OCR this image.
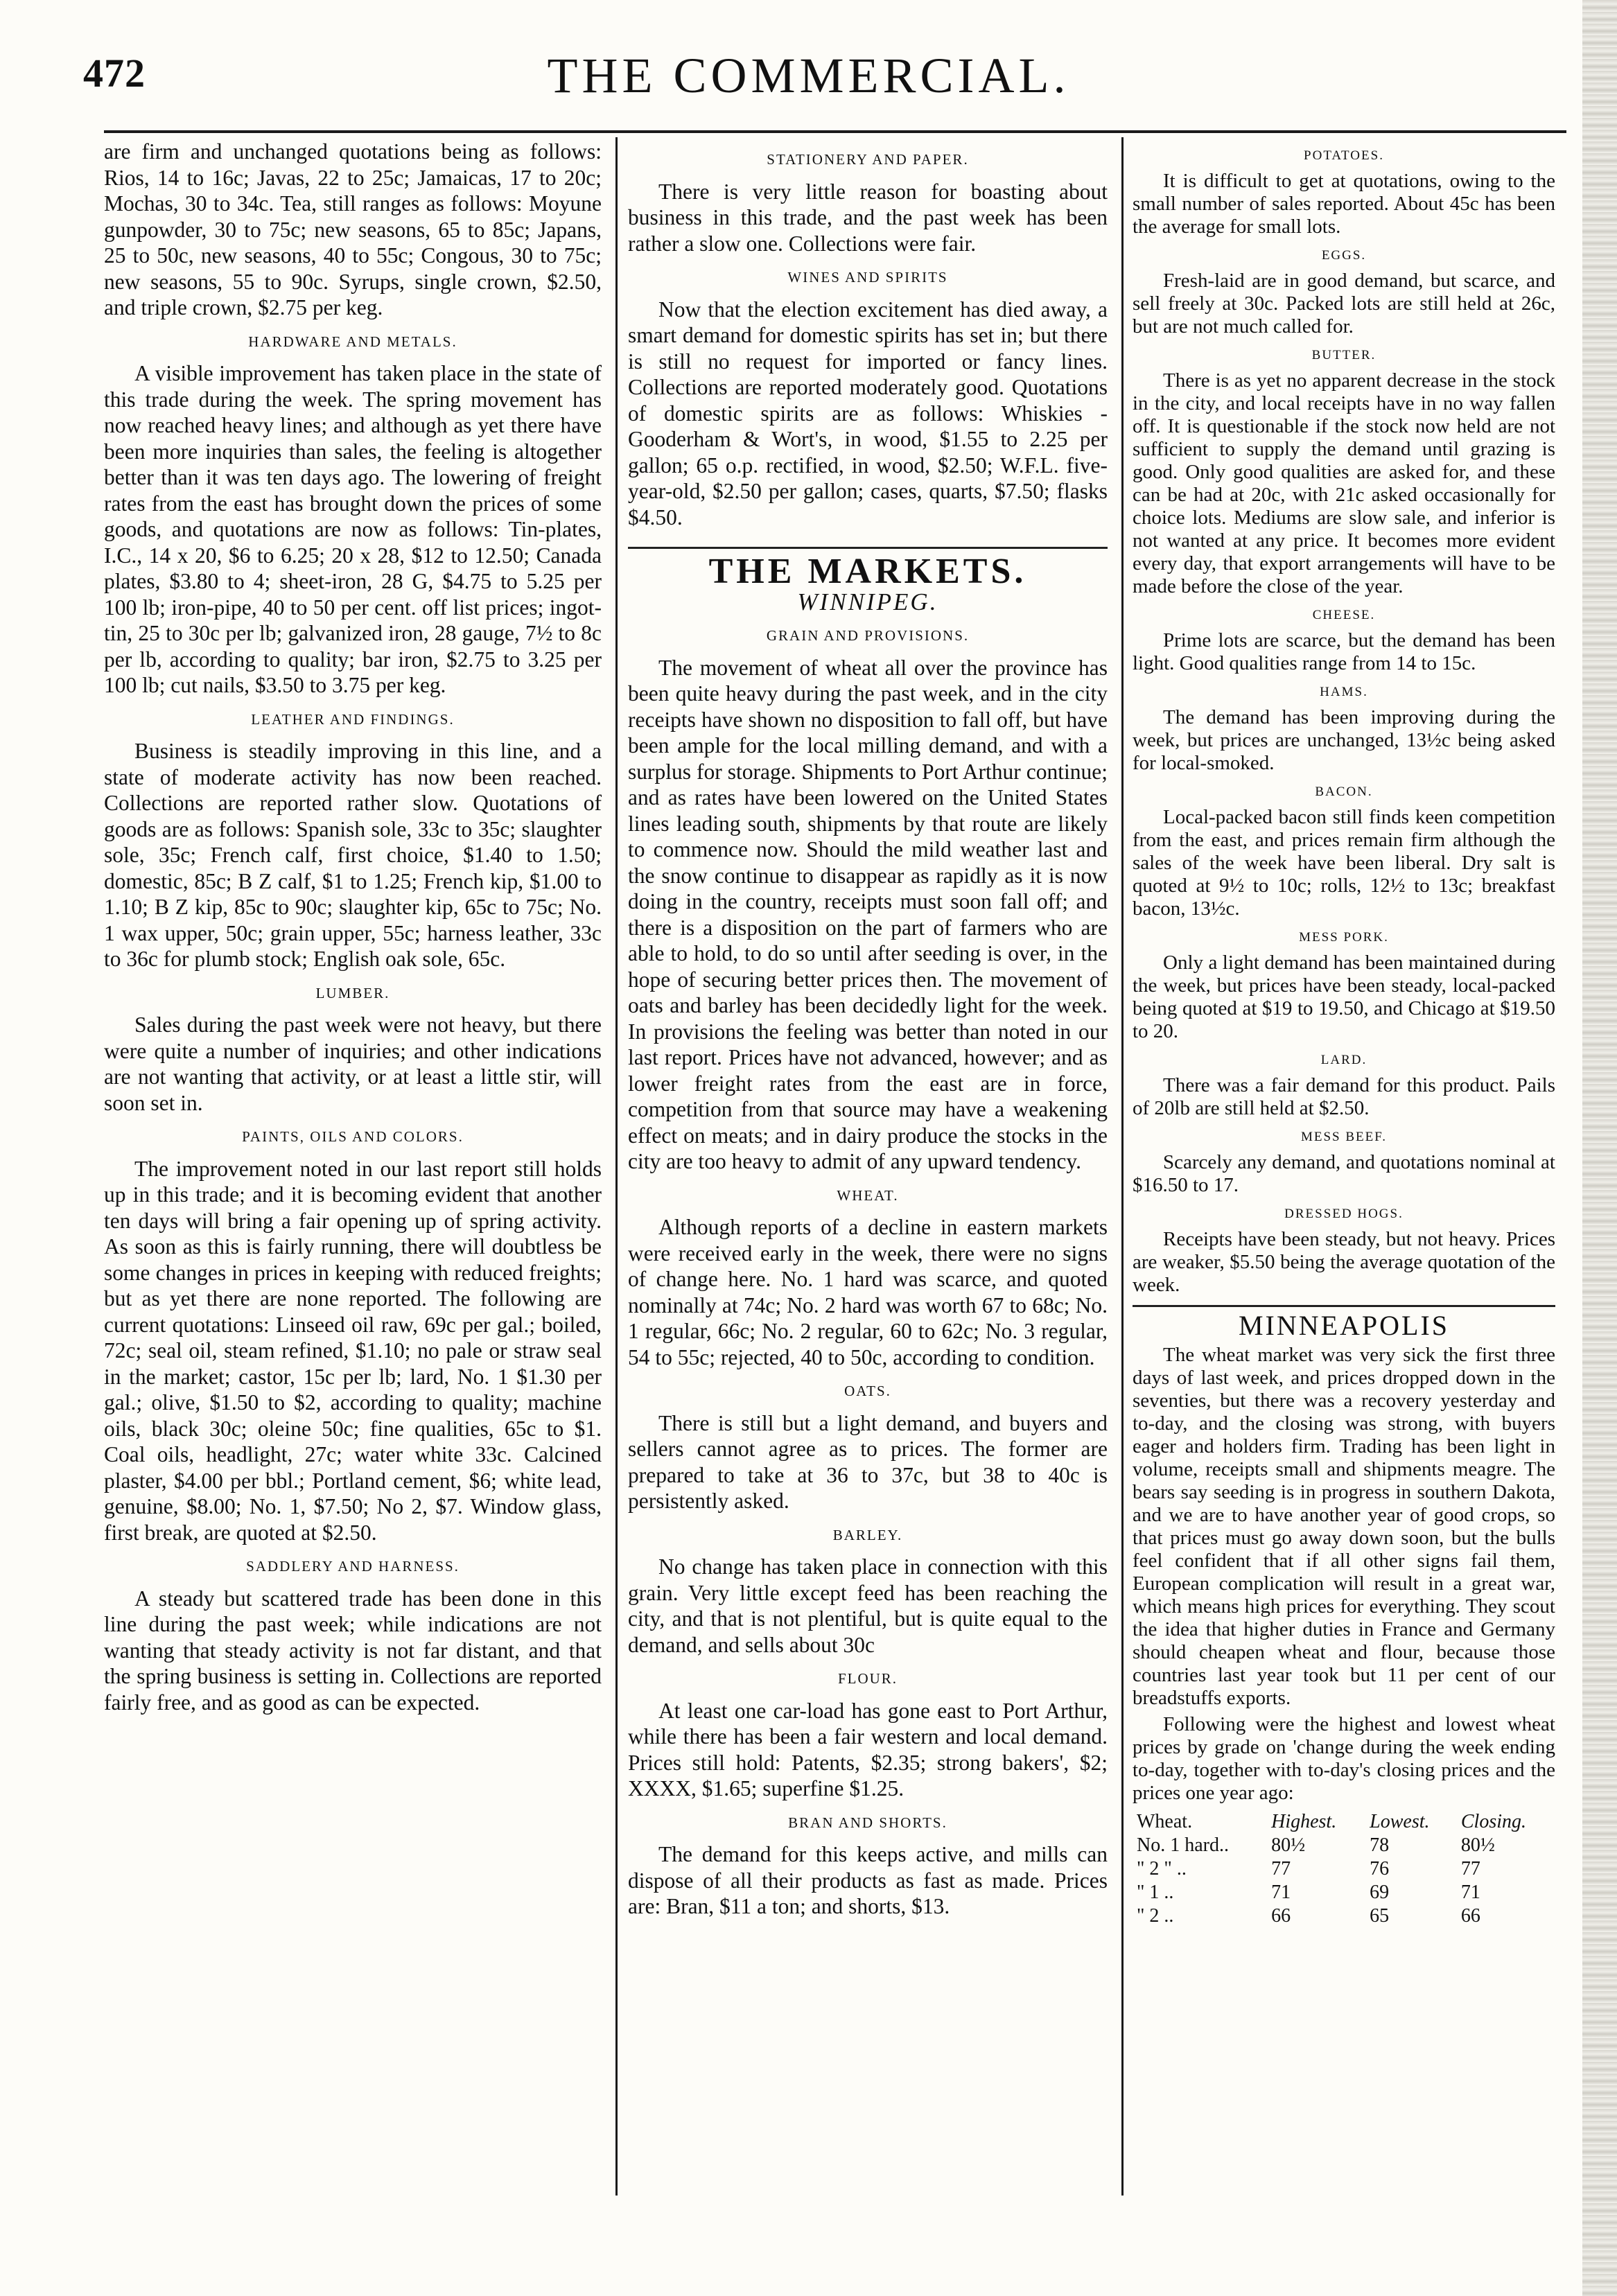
472	THE COMMERCIAL.

are firm and unchanged quotations being as follows: Rios, 14 to 16c; Javas, 22 to 25c; Jamaicas, 17 to 20c; Mochas, 30 to 34c. Tea, still ranges as follows: Moyune gunpowder, 30 to 75c; new seasons, 65 to 85c; Japans, 25 to 50c, new seasons, 40 to 55c; Congous, 30 to 75c; new seasons, 55 to 90c. Syrups, single crown, $2.50, and triple crown, $2.75 per keg.

HARDWARE AND METALS.

A visible improvement has taken place in the state of this trade during the week. The spring movement has now reached heavy lines; and although as yet there have been more inquiries than sales, the feeling is altogether better than it was ten days ago. The lowering of freight rates from the east has brought down the prices of some goods, and quotations are now as follows: Tin-plates, I.C., 14 x 20, $6 to 6.25; 20 x 28, $12 to 12.50; Canada plates, $3.80 to 4; sheet-iron, 28 G, $4.75 to 5.25 per 100 lb; iron-pipe, 40 to 50 per cent. off list prices; ingot-tin, 25 to 30c per lb; galvanized iron, 28 gauge, 7½ to 8c per lb, according to quality; bar iron, $2.75 to 3.25 per 100 lb; cut nails, $3.50 to 3.75 per keg.

LEATHER AND FINDINGS.

Business is steadily improving in this line, and a state of moderate activity has now been reached. Collections are reported rather slow. Quotations of goods are as follows: Spanish sole, 33c to 35c; slaughter sole, 35c; French calf, first choice, $1.40 to 1.50; domestic, 85c; B Z calf, $1 to 1.25; French kip, $1.00 to 1.10; B Z kip, 85c to 90c; slaughter kip, 65c to 75c; No. 1 wax upper, 50c; grain upper, 55c; harness leather, 33c to 36c for plumb stock; English oak sole, 65c.

LUMBER.

Sales during the past week were not heavy, but there were quite a number of inquiries; and other indications are not wanting that activity, or at least a little stir, will soon set in.

PAINTS, OILS AND COLORS.

The improvement noted in our last report still holds up in this trade; and it is becoming evident that another ten days will bring a fair opening up of spring activity. As soon as this is fairly running, there will doubtless be some changes in prices in keeping with reduced freights; but as yet there are none reported. The following are current quotations: Linseed oil raw, 69c per gal.; boiled, 72c; seal oil, steam refined, $1.10; no pale or straw seal in the market; castor, 15c per lb; lard, No. 1 $1.30 per gal.; olive, $1.50 to $2, according to quality; machine oils, black 30c; oleine 50c; fine qualities, 65c to $1. Coal oils, headlight, 27c; water white 33c. Calcined plaster, $4.00 per bbl.; Portland cement, $6; white lead, genuine, $8.00; No. 1, $7.50; No 2, $7. Window glass, first break, are quoted at $2.50.

SADDLERY AND HARNESS.

A steady but scattered trade has been done in this line during the past week; while indications are not wanting that steady activity is not far distant, and that the spring business is setting in. Collections are reported fairly free, and as good as can be expected.

STATIONERY AND PAPER.

There is very little reason for boasting about business in this trade, and the past week has been rather a slow one. Collections were fair.

WINES AND SPIRITS

Now that the election excitement has died away, a smart demand for domestic spirits has set in; but there is still no request for imported or fancy lines. Collections are reported moderately good. Quotations of domestic spirits are as follows: Whiskies -Gooderham & Wort's, in wood, $1.55 to 2.25 per gallon; 65 o.p. rectified, in wood, $2.50; W.F.L. five-year-old, $2.50 per gallon; cases, quarts, $7.50; flasks $4.50.

THE MARKETS.
WINNIPEG.
GRAIN AND PROVISIONS.

The movement of wheat all over the province has been quite heavy during the past week, and in the city receipts have shown no disposition to fall off, but have been ample for the local milling demand, and with a surplus for storage. Shipments to Port Arthur continue; and as rates have been lowered on the United States lines leading south, shipments by that route are likely to commence now. Should the mild weather last and the snow continue to disappear as rapidly as it is now doing in the country, receipts must soon fall off; and there is a disposition on the part of farmers who are able to hold, to do so until after seeding is over, in the hope of securing better prices then. The movement of oats and barley has been decidedly light for the week. In provisions the feeling was better than noted in our last report. Prices have not advanced, however; and as lower freight rates from the east are in force, competition from that source may have a weakening effect on meats; and in dairy produce the stocks in the city are too heavy to admit of any upward tendency.

WHEAT.

Although reports of a decline in eastern markets were received early in the week, there were no signs of change here. No. 1 hard was scarce, and quoted nominally at 74c; No. 2 hard was worth 67 to 68c; No. 1 regular, 66c; No. 2 regular, 60 to 62c; No. 3 regular, 54 to 55c; rejected, 40 to 50c, according to condition.

OATS.

There is still but a light demand, and buyers and sellers cannot agree as to prices. The former are prepared to take at 36 to 37c, but 38 to 40c is persistently asked.

BARLEY.

No change has taken place in connection with this grain. Very little except feed has been reaching the city, and that is not plentiful, but is quite equal to the demand, and sells about 30c

FLOUR.

At least one car-load has gone east to Port Arthur, while there has been a fair western and local demand. Prices still hold: Patents, $2.35; strong bakers', $2; XXXX, $1.65; superfine $1.25.

BRAN AND SHORTS.

The demand for this keeps active, and mills can dispose of all their products as fast as made. Prices are: Bran, $11 a ton; and shorts, $13.

POTATOES.

It is difficult to get at quotations, owing to the small number of sales reported. About 45c has been the average for small lots.

EGGS.

Fresh-laid are in good demand, but scarce, and sell freely at 30c. Packed lots are still held at 26c, but are not much called for.

BUTTER.

There is as yet no apparent decrease in the stock in the city, and local receipts have in no way fallen off. It is questionable if the stock now held are not sufficient to supply the demand until grazing is good. Only good qualities are asked for, and these can be had at 20c, with 21c asked occasionally for choice lots. Mediums are slow sale, and inferior is not wanted at any price. It becomes more evident every day, that export arrangements will have to be made before the close of the year.

CHEESE.

Prime lots are scarce, but the demand has been light. Good qualities range from 14 to 15c.

HAMS.

The demand has been improving during the week, but prices are unchanged, 13½c being asked for local-smoked.

BACON.

Local-packed bacon still finds keen competition from the east, and prices remain firm although the sales of the week have been liberal. Dry salt is quoted at 9½ to 10c; rolls, 12½ to 13c; breakfast bacon, 13½c.

MESS PORK.

Only a light demand has been maintained during the week, but prices have been steady, local-packed being quoted at $19 to 19.50, and Chicago at $19.50 to 20.

LARD.

There was a fair demand for this product. Pails of 20lb are still held at $2.50.

MESS BEEF.

Scarcely any demand, and quotations nominal at $16.50 to 17.

DRESSED HOGS.

Receipts have been steady, but not heavy. Prices are weaker, $5.50 being the average quotation of the week.

MINNEAPOLIS

The wheat market was very sick the first three days of last week, and prices dropped down in the seventies, but there was a recovery yesterday and to-day, and the closing was strong, with buyers eager and holders firm. Trading has been light in volume, receipts small and shipments meagre. The bears say seeding is in progress in southern Dakota, and we are to have another year of good crops, so that prices must go away down soon, but the bulls feel confident that if all other signs fail them, European complication will result in a great war, which means high prices for everything. They scout the idea that higher duties in France and Germany should cheapen wheat and flour, because those countries last year took but 11 per cent of our breadstuffs exports.

Following were the highest and lowest wheat prices by grade on 'change during the week ending to-day, together with to-day's closing prices and the prices one year ago:

Wheat.	Highest.	Lowest.	Closing.
No. 1 hard..	80½	78	80½
" 2 " ..	77	76	77
" 1 ..	71	69	71
" 2 ..	66	65	66
